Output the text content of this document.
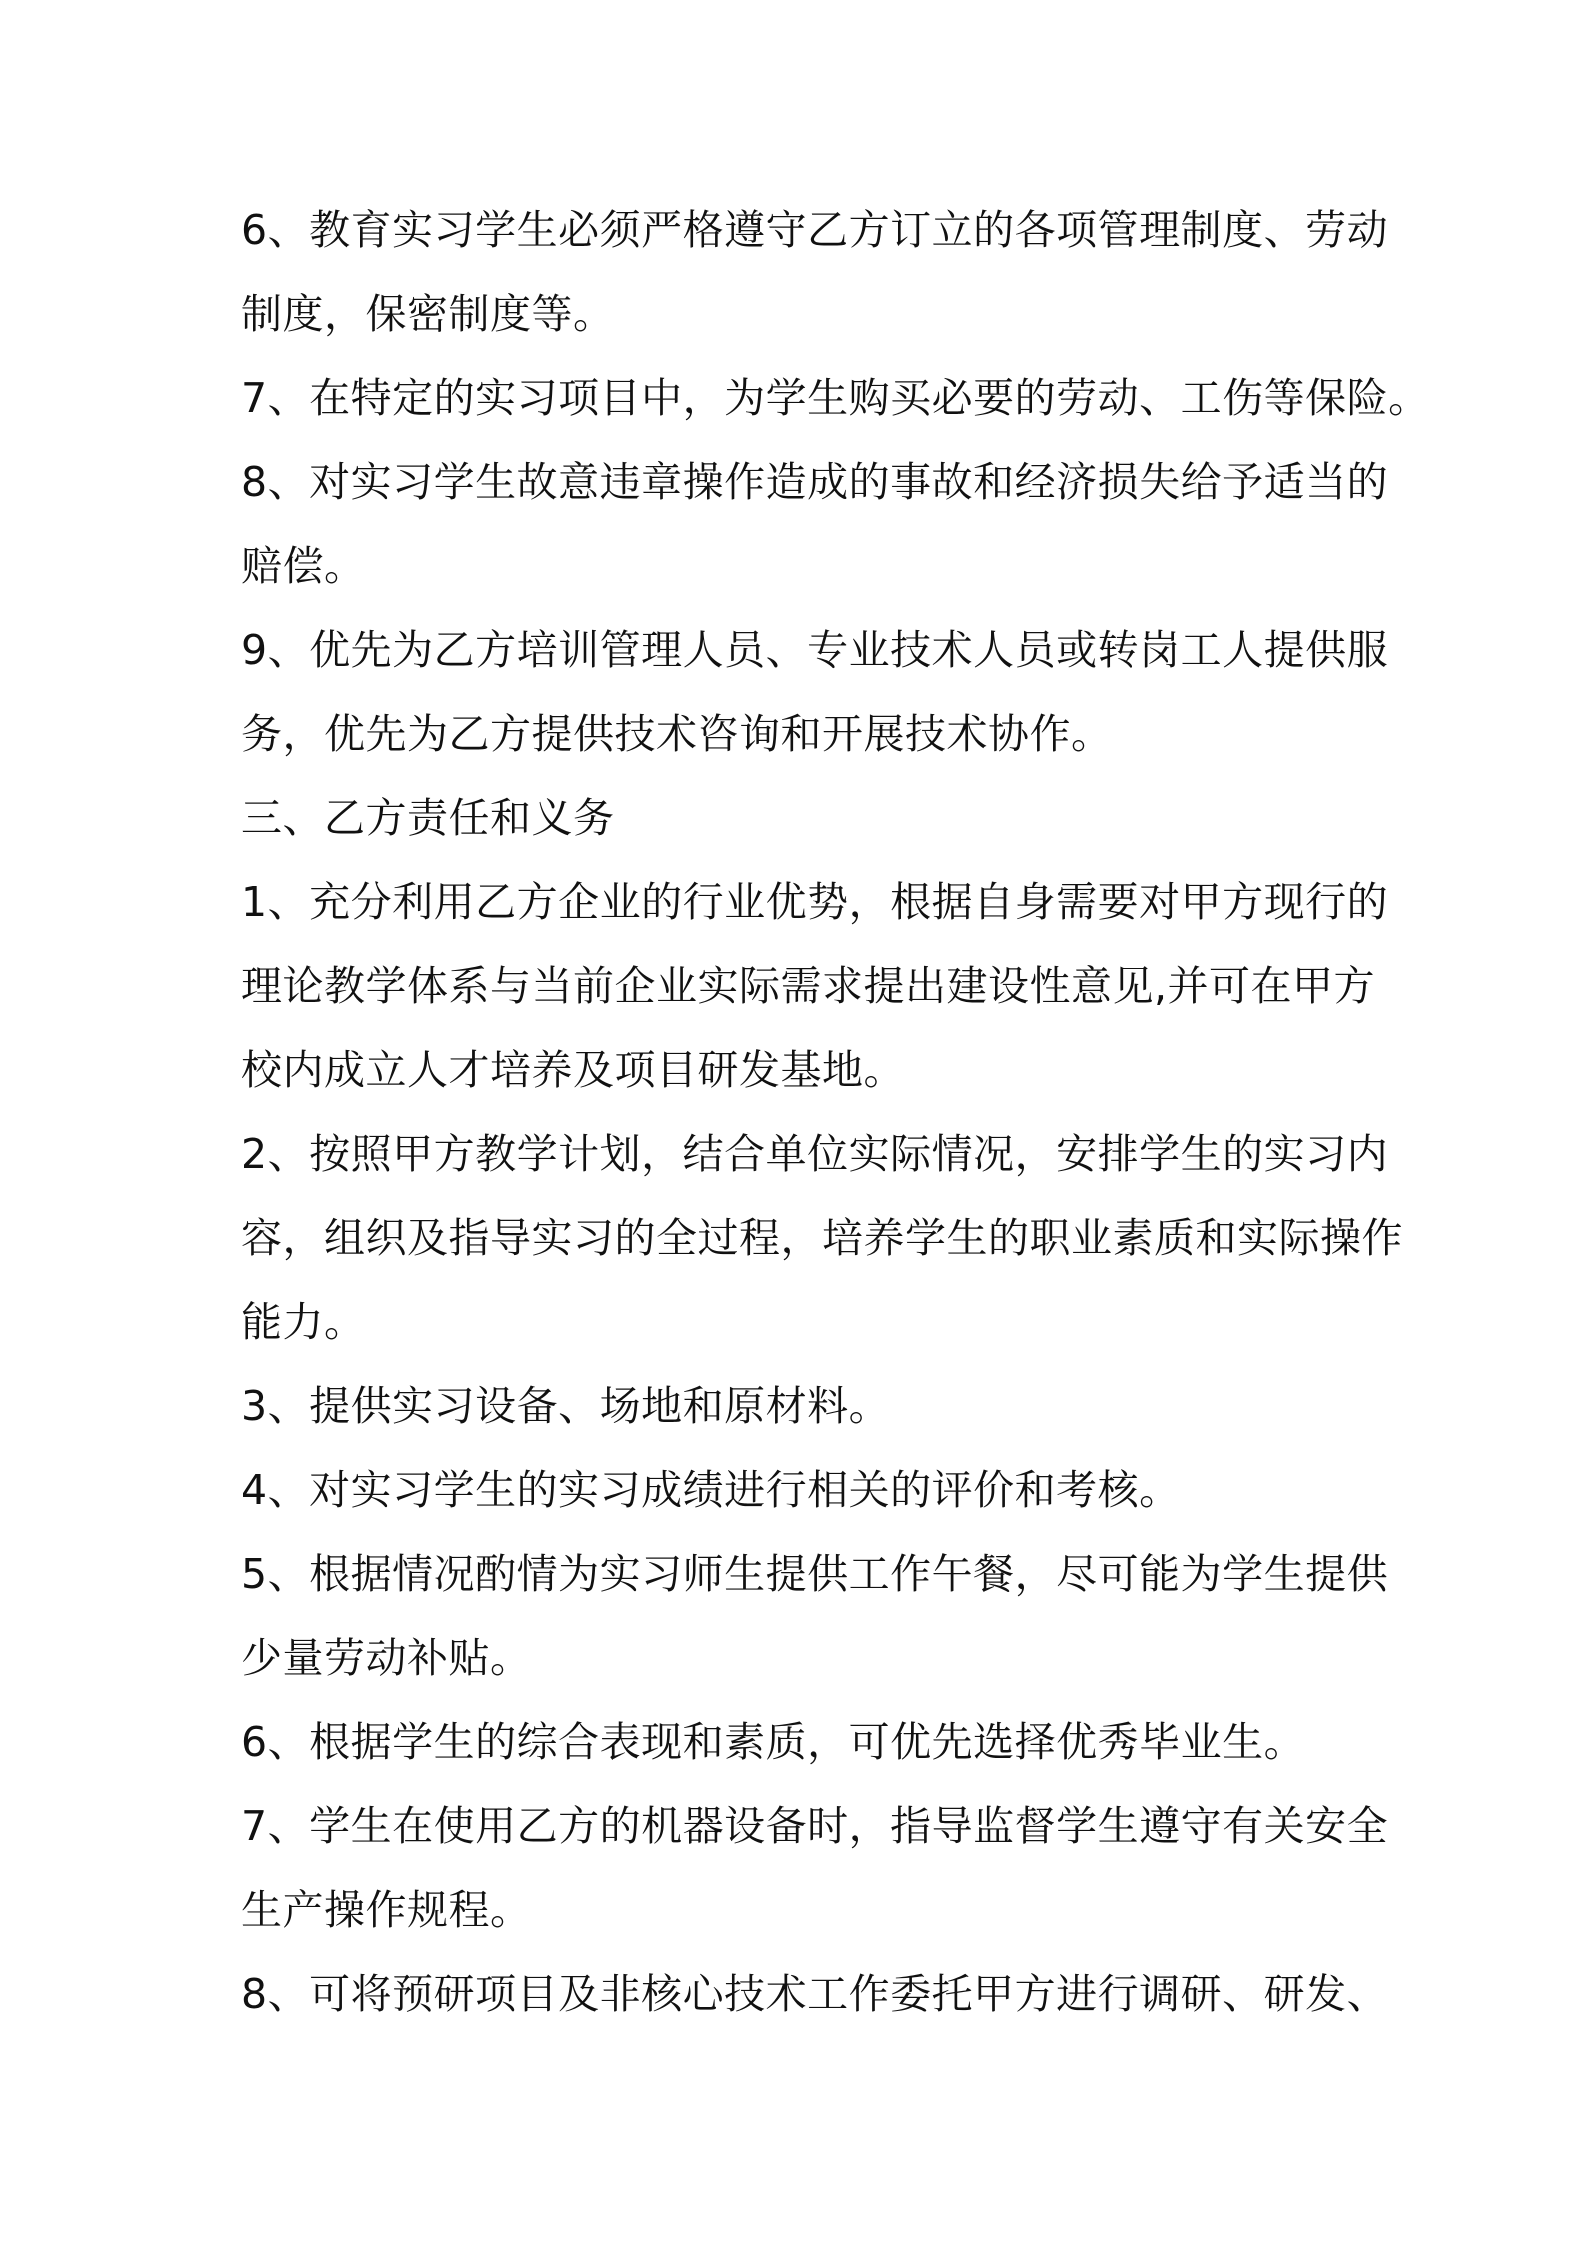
6、教育实习学生必须严格遵守乙方订立的各项管理制度、劳动

制度，保密制度等。

7、在特定的实习项目中，为学生购买必要的劳动、工伤等保险。

8、对实习学生故意违章操作造成的事故和经济损失给予适当的

赔偿。

9、优先为乙方培训管理人员、专业技术人员或转岗工人提供服

务，优先为乙方提供技术咨询和开展技术协作。

三、乙方责任和义务

1、充分利用乙方企业的行业优势，根据自身需要对甲方现行的

理论教学体系与当前企业实际需求提出建设性意见,并可在甲方

校内成立人才培养及项目研发基地。

2、按照甲方教学计划，结合单位实际情况，安排学生的实习内

容，组织及指导实习的全过程，培养学生的职业素质和实际操作

能力。

3、提供实习设备、场地和原材料。

4、对实习学生的实习成绩进行相关的评价和考核。

5、根据情况酌情为实习师生提供工作午餐，尽可能为学生提供

少量劳动补贴。

6、根据学生的综合表现和素质，可优先选择优秀毕业生。

7、学生在使用乙方的机器设备时，指导监督学生遵守有关安全

生产操作规程。

8、可将预研项目及非核心技术工作委托甲方进行调研、研发、
